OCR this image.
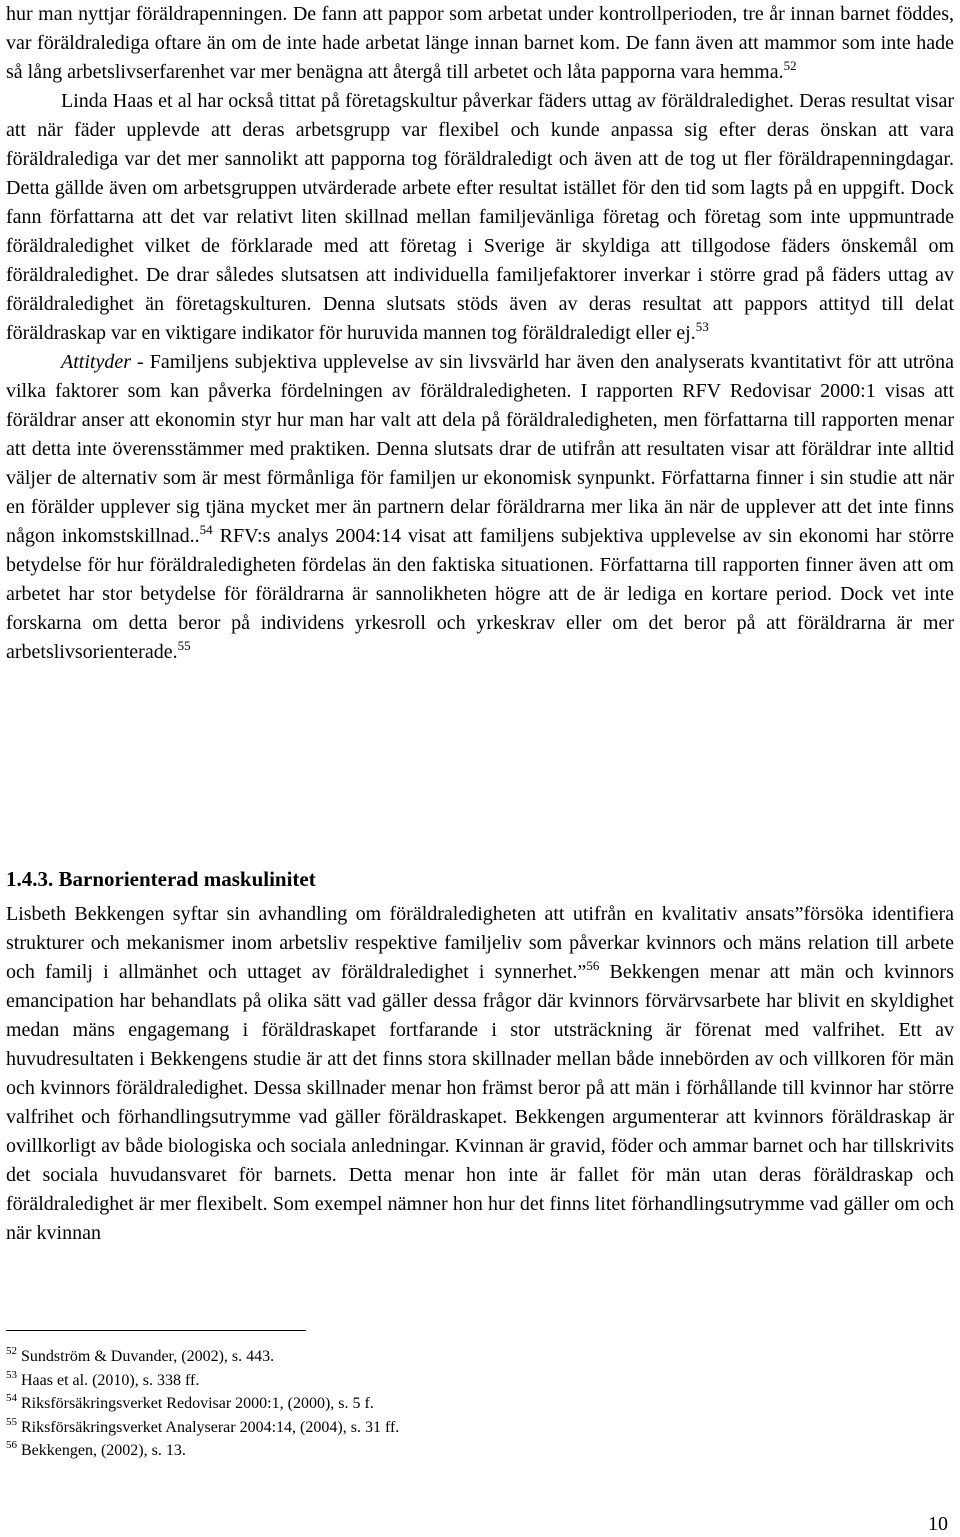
hur man nyttjar föräldrapenningen. De fann att pappor som arbetat under kontrollperioden, tre år innan barnet föddes, var föräldralediga oftare än om de inte hade arbetat länge innan barnet kom. De fann även att mammor som inte hade så lång arbetslivserfarenhet var mer benägna att återgå till arbetet och låta papporna vara hemma.$^{52}$

Linda Haas et al har också tittat på företagskultur påverkar fäders uttag av föräldraledighet. Deras resultat visar att när fäder upplevde att deras arbetsgrupp var flexibel och kunde anpassa sig efter deras önskan att vara föräldralediga var det mer sannolikt att papporna tog föräldraledigt och även att de tog ut fler föräldrapenningdagar. Detta gällde även om arbetsgruppen utvärderade arbete efter resultat istället för den tid som lagts på en uppgift. Dock fann författarna att det var relativt liten skillnad mellan familjevänliga företag och företag som inte uppmuntrade föräldraledighet vilket de förklarade med att företag i Sverige är skyldiga att tillgodose fäders önskemål om föräldraledighet. De drar således slutsatsen att individuella familjefaktorer inverkar i större grad på fäders uttag av föräldraledighet än företagskulturen. Denna slutsats stöds även av deras resultat att pappors attityd till delat föräldraskap var en viktigare indikator för huruvida mannen tog föräldraledigt eller ej.$^{53}$

Attityder - Familjens subjektiva upplevelse av sin livsvärld har även den analyserats kvantitativt för att utröna vilka faktorer som kan påverka fördelningen av föräldraledigheten. I rapporten RFV Redovisar 2000:1 visas att föräldrar anser att ekonomin styr hur man har valt att dela på föräldraledigheten, men författarna till rapporten menar att detta inte överensstämmer med praktiken. Denna slutsats drar de utifrån att resultaten visar att föräldrar inte alltid väljer de alternativ som är mest förmånliga för familjen ur ekonomisk synpunkt. Författarna finner i sin studie att när en förälder upplever sig tjäna mycket mer än partnern delar föräldrarna mer lika än när de upplever att det inte finns någon inkomstskillnad..$^{54}$ RFV:s analys 2004:14 visat att familjens subjektiva upplevelse av sin ekonomi har större betydelse för hur föräldraledigheten fördelas än den faktiska situationen. Författarna till rapporten finner även att om arbetet har stor betydelse för föräldrarna är sannolikheten högre att de är lediga en kortare period. Dock vet inte forskarna om detta beror på individens yrkesroll och yrkeskrav eller om det beror på att föräldrarna är mer arbetslivsorienterade.$^{55}$

1.4.3. Barnorienterad maskulinitet

Lisbeth Bekkengen syftar sin avhandling om föräldraledigheten att utifrån en kvalitativ ansats”försöka identifiera strukturer och mekanismer inom arbetsliv respektive familjeliv som påverkar kvinnors och mäns relation till arbete och familj i allmänhet och uttaget av föräldraledighet i synnerhet.”$^{56}$ Bekkengen menar att män och kvinnors emancipation har behandlats på olika sätt vad gäller dessa frågor där kvinnors förvärvsarbete har blivit en skyldighet medan mäns engagemang i föräldraskapet fortfarande i stor utsträckning är förenat med valfrihet. Ett av huvudresultaten i Bekkengens studie är att det finns stora skillnader mellan både innebörden av och villkoren för män och kvinnors föräldraledighet. Dessa skillnader menar hon främst beror på att män i förhållande till kvinnor har större valfrihet och förhandlingsutrymme vad gäller föräldraskapet. Bekkengen argumenterar att kvinnors föräldraskap är ovillkorligt av både biologiska och sociala anledningar. Kvinnan är gravid, föder och ammar barnet och har tillskrivits det sociala huvudansvaret för barnets. Detta menar hon inte är fallet för män utan deras föräldraskap och föräldraledighet är mer flexibelt. Som exempel nämner hon hur det finns litet förhandlingsutrymme vad gäller om och när kvinnan

$^{52}$ Sundström & Duvander, (2002), s. 443.
$^{53}$ Haas et al. (2010), s. 338 ff.
$^{54}$ Riksförsäkringsverket Redovisar 2000:1, (2000), s. 5 f.
$^{55}$ Riksförsäkringsverket Analyserar 2004:14, (2004), s. 31 ff.
$^{56}$ Bekkengen, (2002), s. 13.
10
